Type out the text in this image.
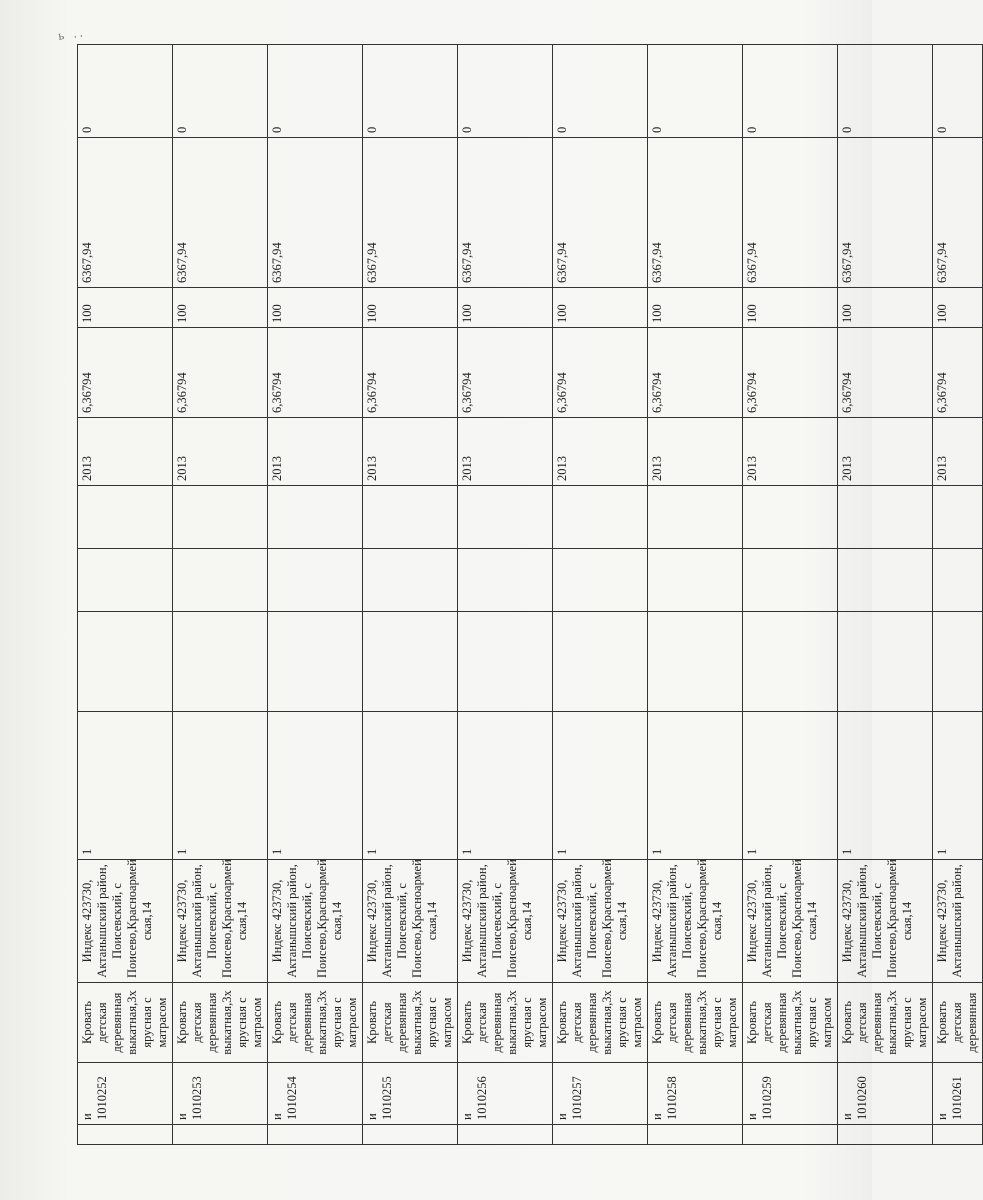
ь ..
	и 1010252	Кровать детская деревянная выкатная,3х ярусная с матрасом	Индекс 423730, Актанышский район, Поисевский, с Поисево,Красноармей ская,14	1				2013	6,36794	100	6367,94	0
	и 1010253	Кровать детская деревянная выкатная,3х ярусная с матрасом	Индекс 423730, Актанышский район, Поисевский, с Поисево,Красноармей ская,14	1				2013	6,36794	100	6367,94	0
	и 1010254	Кровать детская деревянная выкатная,3х ярусная с матрасом	Индекс 423730, Актанышский район, Поисевский, с Поисево,Красноармей ская,14	1				2013	6,36794	100	6367,94	0
	и 1010255	Кровать детская деревянная выкатная,3х ярусная с матрасом	Индекс 423730, Актанышский район, Поисевский, с Поисево,Красноармей ская,14	1				2013	6,36794	100	6367,94	0
	и 1010256	Кровать детская деревянная выкатная,3х ярусная с матрасом	Индекс 423730, Актанышский район, Поисевский, с Поисево,Красноармей ская,14	1				2013	6,36794	100	6367,94	0
	и 1010257	Кровать детская деревянная выкатная,3х ярусная с матрасом	Индекс 423730, Актанышский район, Поисевский, с Поисево,Красноармей ская,14	1				2013	6,36794	100	6367,94	0
	и 1010258	Кровать детская деревянная выкатная,3х ярусная с матрасом	Индекс 423730, Актанышский район, Поисевский, с Поисево,Красноармей ская,14	1				2013	6,36794	100	6367,94	0
	и 1010259	Кровать детская деревянная выкатная,3х ярусная с матрасом	Индекс 423730, Актанышский район, Поисевский, с Поисево,Красноармей ская,14	1				2013	6,36794	100	6367,94	0
	и 1010260	Кровать детская деревянная выкатная,3х ярусная с матрасом	Индекс 423730, Актанышский район, Поисевский, с Поисево,Красноармей ская,14	1				2013	6,36794	100	6367,94	0
	и 1010261	Кровать детская деревянная	Индекс 423730, Актанышский район,	1				2013	6,36794	100	6367,94	0
